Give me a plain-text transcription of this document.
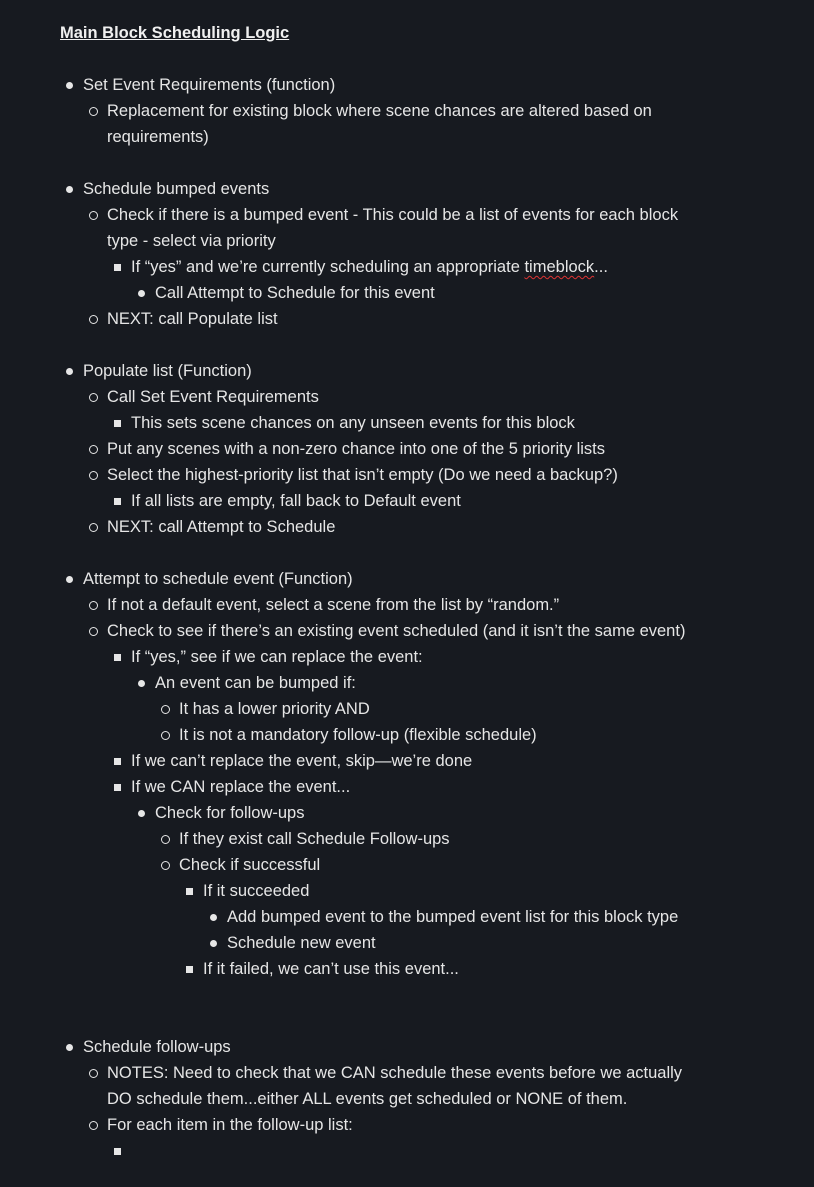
Main Block Scheduling Logic
Set Event Requirements (function)
Replacement for existing block where scene chances are altered based on
requirements)
Schedule bumped events
Check if there is a bumped event - This could be a list of events for each block
type - select via priority
If “yes” and we’re currently scheduling an appropriate timeblock...
Call Attempt to Schedule for this event
NEXT: call Populate list
Populate list (Function)
Call Set Event Requirements
This sets scene chances on any unseen events for this block
Put any scenes with a non-zero chance into one of the 5 priority lists
Select the highest-priority list that isn’t empty (Do we need a backup?)
If all lists are empty, fall back to Default event
NEXT: call Attempt to Schedule
Attempt to schedule event (Function)
If not a default event, select a scene from the list by “random.”
Check to see if there’s an existing event scheduled (and it isn’t the same event)
If “yes,” see if we can replace the event:
An event can be bumped if:
It has a lower priority AND
It is not a mandatory follow-up (flexible schedule)
If we can’t replace the event, skip—we’re done
If we CAN replace the event...
Check for follow-ups
If they exist call Schedule Follow-ups
Check if successful
If it succeeded
Add bumped event to the bumped event list for this block type
Schedule new event
If it failed, we can’t use this event...
Schedule follow-ups
NOTES: Need to check that we CAN schedule these events before we actually
DO schedule them...either ALL events get scheduled or NONE of them.
For each item in the follow-up list:
